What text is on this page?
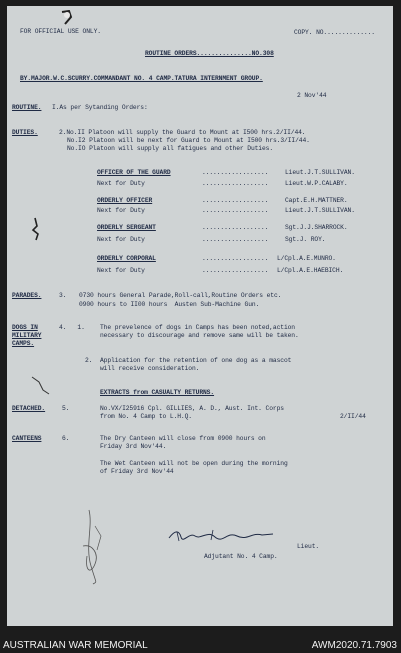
FOR OFFICIAL USE ONLY.	COPY. NO..............
ROUTINE ORDERS...............NO.308
BY.MAJOR.W.C.SCURRY.COMMANDANT NO. 4 CAMP.TATURA INTERNMENT GROUP.
2 Nov'44
ROUTINE. I.As per Sytanding Orders:
DUTIES.	2.No.II Platoon will supply the Guard to Mount at I500 hrs.2/II/44.
No.I2 Platoon will be next for Guard to Mount at I500 hrs.3/II/44.
No.IO Platoon will supply all fatigues and other Duties.
OFFICER OF THE GUARD	..................	Lieut.J.T.SULLIVAN.
Next for Duty	..................	Lieut.W.P.CALABY.
ORDERLY OFFICER	..................	Capt.E.H.MATTNER.
Next for Duty	..................	Lieut.J.T.SULLIVAN.
ORDERLY SERGEANT	..................	Sgt.J.J.SHARROCK.
Next for Duty	..................	Sgt.J. ROY.
ORDERLY CORPORAL	.................. L/Cpl.A.E.MUNRO.
Next for Duty	.................. L/Cpl.A.E.HAEBICH.
PARADES.	3. 0730 hours General Parade,Roll-call,Routine Orders etc.
0900 hours to II00 hours  Austen Sub-Machine Gun.
DOGS IN
MILITARY
CAMPS.
4.   1. The prevelence of dogs in Camps has been noted,action
necessary to discourage and remove same will be taken.
2. Application for the retention of one dog as a mascot
will receive consideration.
EXTRACTS from CASUALTY RETURNS.
DETACHED.	5.	No.VX/I25916 Cpl. GILLIES, A. D., Aust. Int. Corps
from No. 4 Camp to L.H.Q.	2/II/44
CANTEENS	6.	The Dry Canteen will close from 0900 hours on
Friday 3rd Nov'44.
The Wet Canteen will not be open during the morning
of Friday 3rd Nov'44
Lieut.
Adjutant No. 4 Camp.
AUSTRALIAN WAR MEMORIAL	AWM2020.71.7903
